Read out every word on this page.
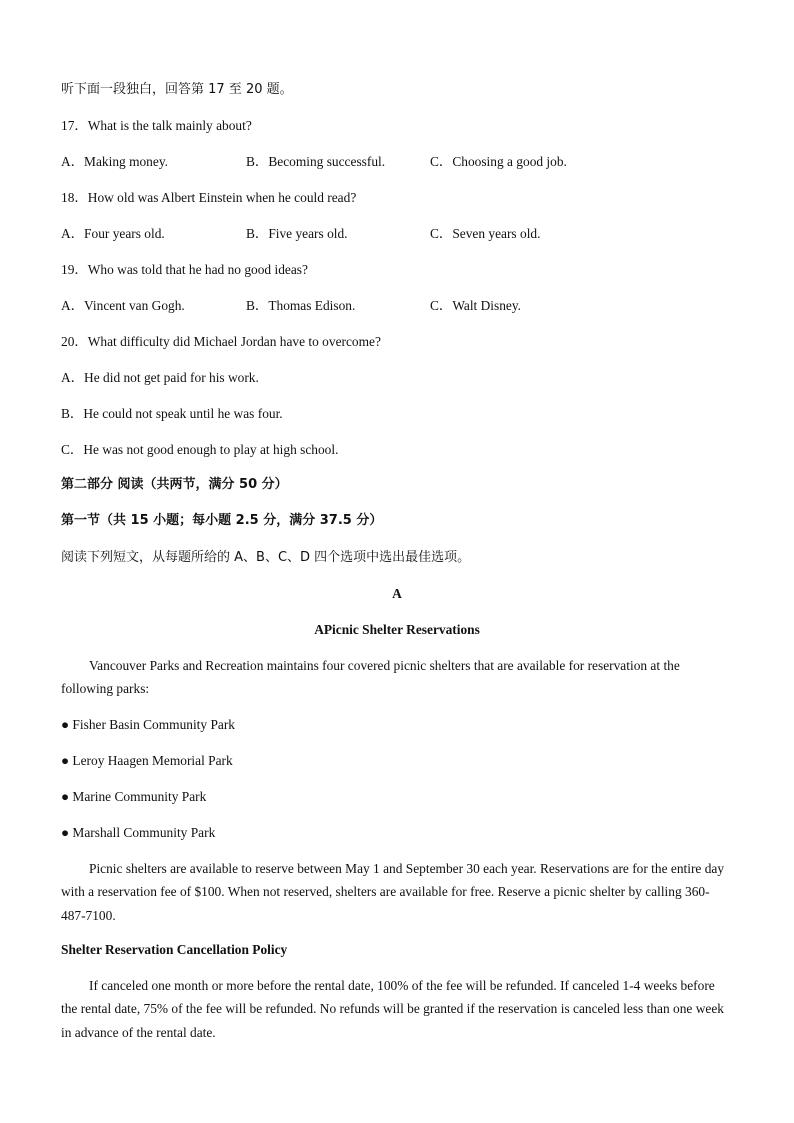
听下面一段独白，回答第 17 至 20 题。
17．What is the talk mainly about?
A．Making money.	B．Becoming successful.	C．Choosing a good job.
18．How old was Albert Einstein when he could read?
A．Four years old.	B．Five years old.	C．Seven years old.
19．Who was told that he had no good ideas?
A．Vincent van Gogh.	B．Thomas Edison.	C．Walt Disney.
20．What difficulty did Michael Jordan have to overcome?
A．He did not get paid for his work.
B．He could not speak until he was four.
C．He was not good enough to play at high school.
第二部分 阅读（共两节，满分 50 分）
第一节（共 15 小题；每小题 2.5 分，满分 37.5 分）
阅读下列短文，从每题所给的 A、B、C、D 四个选项中选出最佳选项。
A
APicnic Shelter Reservations
Vancouver Parks and Recreation maintains four covered picnic shelters that are available for reservation at the following parks:
● Fisher Basin Community Park
● Leroy Haagen Memorial Park
● Marine Community Park
● Marshall Community Park
Picnic shelters are available to reserve between May 1 and September 30 each year. Reservations are for the entire day with a reservation fee of $100. When not reserved, shelters are available for free. Reserve a picnic shelter by calling 360-487-7100.
Shelter Reservation Cancellation Policy
If canceled one month or more before the rental date, 100% of the fee will be refunded. If canceled 1-4 weeks before the rental date, 75% of the fee will be refunded. No refunds will be granted if the reservation is canceled less than one week in advance of the rental date.
